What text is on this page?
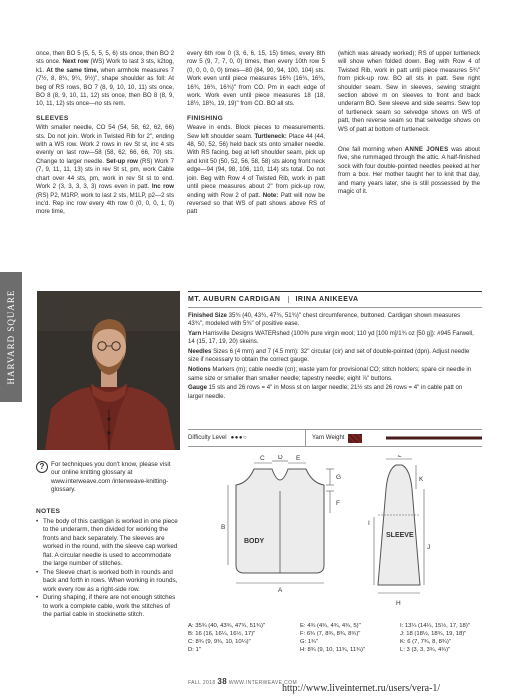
once, then BO 5 (5, 5, 5, 5, 6) sts once, then BO 2 sts once. Next row (WS) Work to last 3 sts, k2tog, k1. At the same time, when armhole measures 7 (7½, 8, 8¾, 9¼, 9½)", shape shoulder as foll: At beg of RS rows, BO 7 (8, 9, 10, 10, 11) sts once, BO 8 (8, 9, 10, 11, 12) sts once, then BO 8 (8, 9, 10, 11, 12) sts once—no sts rem.

SLEEVES

With smaller needle, CO 54 (54, 58, 62, 62, 66) sts. Do not join. Work in Twisted Rib for 2", ending with a WS row. Work 2 rows in rev St st, inc 4 sts evenly on last row—58 (58, 62, 66, 66, 70) sts. Change to larger needle. Set-up row (RS) Work 7 (7, 9, 11, 11, 13) sts in rev St st, pm, work Cable chart over 44 sts, pm, work in rev St st to end. Work 2 (3, 3, 3, 3, 3) rows even in patt. Inc row (RS) P2, M1RP, work to last 2 sts, M1LP, p2—2 sts inc'd. Rep inc row every 4th row 0 (0, 0, 0, 1, 0) more time,

every 6th row 0 (3, 6, 6, 15, 15) times, every 8th row 5 (9, 7, 7, 0, 0) times, then every 10th row 5 (0, 0, 0, 0, 0) times—80 (84, 90, 94, 100, 104) sts. Work even until piece measures 16¾ (16¾, 16¾, 16¾, 16¾, 16¾)" from CO. Pm in each edge of work. Work even until piece measures 18 (18, 18½, 18¾, 19, 19)" from CO. BO all sts.

FINISHING

Weave in ends. Block pieces to measurements. Sew left shoulder seam. Turtleneck: Place 44 (44, 48, 50, 52, 56) held back sts onto smaller needle. With RS facing, beg at left shoulder seam, pick up and knit 50 (50, 52, 56, 58, 58) sts along front neck edge—94 (94, 98, 106, 110, 114) sts total. Do not join. Beg with Row 4 of Twisted Rib, work in patt until piece measures about 2" from pick-up row, ending with Row 2 of patt. Note: Patt will now be reversed so that WS of patt shows above RS of patt

(which was already worked); RS of upper turtleneck will show when folded down. Beg with Row 4 of Twisted Rib, work in patt until piece measures 5¾" from pick-up row. BO all sts in patt. Sew right shoulder seam. Sew in sleeves, sewing straight section above m on sleeves to front and back underarm BO. Sew sleeve and side seams. Sew top of turtleneck seam so selvedge shows on WS of patt, then reverse seam so that selvedge shows on WS of patt at bottom of turtleneck.

One fall morning when ANNE JONES was about five, she rummaged through the attic. A half-finished sock with four double-pointed needles peeked at her from a box. Her mother taught her to knit that day, and many years later, she is still possessed by the magic of it.

HARVARD SQUARE	MT. AUBURN CARDIGAN	IRINA ANIKEEVA

Finished Size 35¾ (40, 43¾, 47¾, 51¾)" chest circumference, buttoned. Cardigan shown measures 43¾", modeled with 5¾" of positive ease.

Yarn Harrisville Designs WATERshed (100% pure virgin wool; 110 yd [100 m]/1¾ oz [50 g]): #945 Farwell, 14 (15, 17, 19, 20) skeins.

Needles Sizes 6 (4 mm) and 7 (4.5 mm): 32" circular (cir) and set of double-pointed (dpn). Adjust needle size if necessary to obtain the correct gauge.

Notions Markers (m); cable needle (cn); waste yarn for provisional CO; stitch holders; spare cir needle in same size or smaller than smaller needle; tapestry needle; eight ⅞" buttons.

Gauge 15 sts and 26 rows = 4" in Moss st on larger needle; 21½ sts and 26 rows = 4" in cable patt on larger needle.

Difficulty Level ●●●○	Yarn Weight
?	For techniques you don't know, please visit our online knitting glossary at www.interweave.com /interweave-knitting-glossary.
NOTES
• The body of this cardigan is worked in one piece to the underarm, then divided for working the fronts and back separately. The sleeves are worked in the round, with the sleeve cap worked flat. A circular needle is used to accommodate the large number of stitches.
• The Sleeve chart is worked both in rounds and back and forth in rows. When working in rounds, work every row as a right-side row.
• During shaping, if there are not enough stitches to work a complete cable, work the stitches of the partial cable in stockinette stitch.
BODY
C D E
G
F
B
A
SLEEVE
L
K
I
J
H
A: 35¾ (40, 43¾, 47¾, 51¾)"
B: 16 (16, 16¼, 16½, 17)"
C: 8¾ (9, 9¾, 10, 10¼)"
D: 1"
E: 4¾ (4¾, 4¾, 4¾, 5)"
F: 6¾ (7, 8¾, 8¾, 8¾)"
G: 1¾"
H: 8¾ (9, 10, 11¾, 11¾)"
I: 13¼ (14¼, 15½, 17, 18)"
J: 18 (18½, 18¾, 19, 18)"
K: 6 (7, 7¾, 8, 8¾)"
L: 3 (3, 3, 3¾, 4¾)"
FALL 2018 38 WWW.INTERWEAVE.COM
http://www.liveinternet.ru/users/vera-1/
